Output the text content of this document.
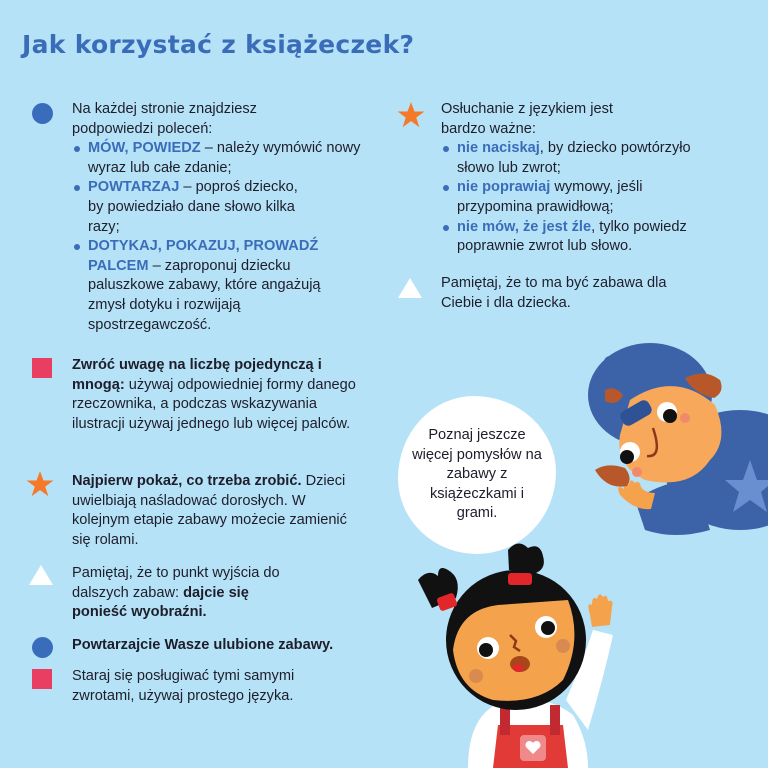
Jak korzystać z książeczek?

Na każdej stronie znajdziesz podpowiedzi poleceń:

MÓW, POWIEDZ – należy wymówić nowy wyraz lub całe zdanie;
POWTARZAJ – poproś dziecko, by powiedziało dane słowo kilka razy;
DOTYKAJ, POKAZUJ, PROWADŹ PALCEM – zaproponuj dziecku paluszkowe zabawy, które angażują zmysł dotyku i rozwijają spostrzegawczość.

Zwróć uwagę na liczbę pojedynczą i mnogą: używaj odpowiedniej formy danego rzeczownika, a podczas wskazywania ilustracji używaj jednego lub więcej palców.

Najpierw pokaż, co trzeba zrobić. Dzieci uwielbiają naśladować dorosłych. W kolejnym etapie zabawy możecie zamienić się rolami.

Pamiętaj, że to punkt wyjścia do dalszych zabaw: dajcie się ponieść wyobraźni.

Powtarzajcie Wasze ulubione zabawy.

Staraj się posługiwać tymi samymi zwrotami, używaj prostego języka.

Osłuchanie z językiem jest bardzo ważne:

nie naciskaj, by dziecko powtórzyło słowo lub zwrot;
nie poprawiaj wymowy, jeśli przypomina prawidłową;
nie mów, że jest źle, tylko powiedz poprawnie zwrot lub słowo.

Pamiętaj, że to ma być zabawa dla Ciebie i dla dziecka.

Poznaj jeszcze więcej pomysłów na zabawy z książeczkami i grami.
